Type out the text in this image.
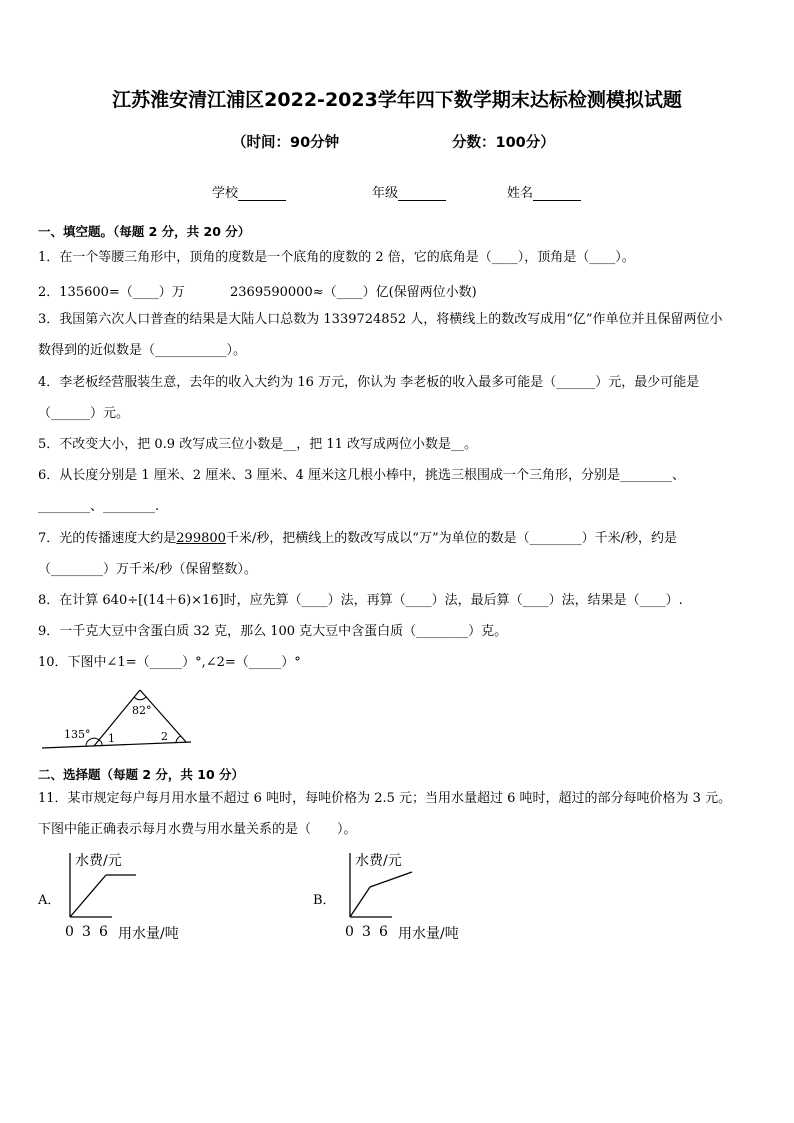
江苏淮安清江浦区2022-2023学年四下数学期末达标检测模拟试题
（时间：90分钟	分数：100分）
学校	年级	姓名
一、填空题。（每题 2 分，共 20 分）
1．在一个等腰三角形中，顶角的度数是一个底角的度数的 2 倍，它的底角是（____），顶角是（____）。
2．135600=（____）万	2369590000≈（____）亿(保留两位小数)
3．我国第六次人口普查的结果是大陆人口总数为 1339724852 人，将横线上的数改写成用“亿”作单位并且保留两位小
数得到的近似数是（___________）。
4．李老板经营服装生意，去年的收入大约为 16 万元，你认为 李老板的收入最多可能是（______）元，最少可能是
（______）元。
5．不改变大小，把 0.9 改写成三位小数是__，把 11 改写成两位小数是__。
6．从长度分别是 1 厘米、2 厘米、3 厘米、4 厘米这几根小棒中，挑选三根围成一个三角形，分别是________、
________、________.
7．光的传播速度大约是299800千米/秒，把横线上的数改写成以“万”为单位的数是（________）千米/秒，约是
（________）万千米/秒（保留整数）。
8．在计算 640÷[(14＋6)×16]时，应先算（____）法，再算（____）法，最后算（____）法，结果是（____）.
9．一千克大豆中含蛋白质 32 克，那么 100 克大豆中含蛋白质（________）克。
10．下图中∠1=（_____）°,∠2=（_____）°
82°
135° 1	2
二、选择题（每题 2 分，共 10 分）
11．某市规定每户每月用水量不超过 6 吨时，每吨价格为 2.5 元；当用水量超过 6 吨时，超过的部分每吨价格为 3 元。
下图中能正确表示每月水费与用水量关系的是（　　）。
A．
水费/元
0 3 6 用水量/吨
B．
水费/元
0 3 6 用水量/吨
